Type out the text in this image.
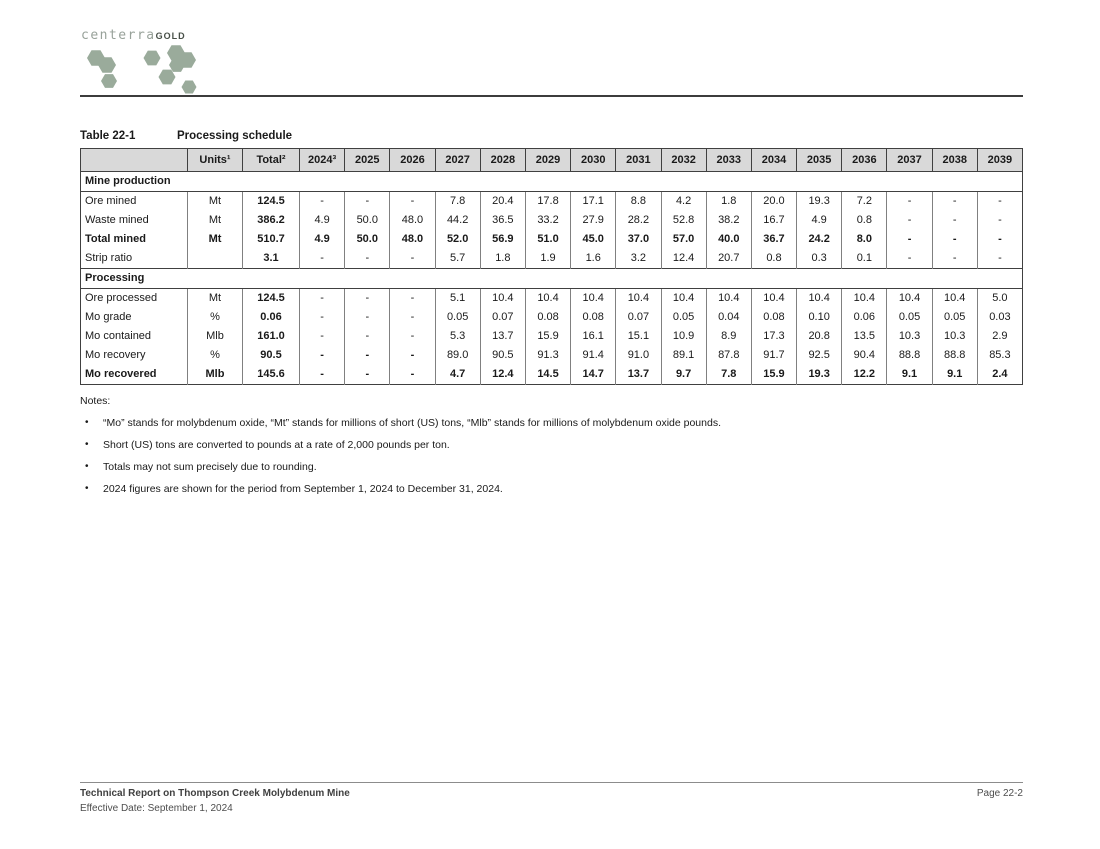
centerraGOLD
Table 22-1	Processing schedule
	Units¹	Total²	2024³	2025	2026	2027	2028	2029	2030	2031	2032	2033	2034	2035	2036	2037	2038	2039
Mine production																		
Ore mined	Mt	124.5	-	-	-	7.8	20.4	17.8	17.1	8.8	4.2	1.8	20.0	19.3	7.2	-	-	-
Waste mined	Mt	386.2	4.9	50.0	48.0	44.2	36.5	33.2	27.9	28.2	52.8	38.2	16.7	4.9	0.8	-	-	-
Total mined	Mt	510.7	4.9	50.0	48.0	52.0	56.9	51.0	45.0	37.0	57.0	40.0	36.7	24.2	8.0	-	-	-
Strip ratio		3.1	-	-	-	5.7	1.8	1.9	1.6	3.2	12.4	20.7	0.8	0.3	0.1	-	-	-
Processing																		
Ore processed	Mt	124.5	-	-	-	5.1	10.4	10.4	10.4	10.4	10.4	10.4	10.4	10.4	10.4	10.4	10.4	5.0
Mo grade	%	0.06	-	-	-	0.05	0.07	0.08	0.08	0.07	0.05	0.04	0.08	0.10	0.06	0.05	0.05	0.03
Mo contained	Mlb	161.0	-	-	-	5.3	13.7	15.9	16.1	15.1	10.9	8.9	17.3	20.8	13.5	10.3	10.3	2.9
Mo recovery	%	90.5	-	-	-	89.0	90.5	91.3	91.4	91.0	89.1	87.8	91.7	92.5	90.4	88.8	88.8	85.3
Mo recovered	Mlb	145.6	-	-	-	4.7	12.4	14.5	14.7	13.7	9.7	7.8	15.9	19.3	12.2	9.1	9.1	2.4
Notes:
•	“Mo” stands for molybdenum oxide, “Mt” stands for millions of short (US) tons, “Mlb” stands for millions of molybdenum oxide pounds.
•	Short (US) tons are converted to pounds at a rate of 2,000 pounds per ton.
•	Totals may not sum precisely due to rounding.
•	2024 figures are shown for the period from September 1, 2024 to December 31, 2024.
Technical Report on Thompson Creek Molybdenum Mine
Effective Date: September 1, 2024
Page 22-2
